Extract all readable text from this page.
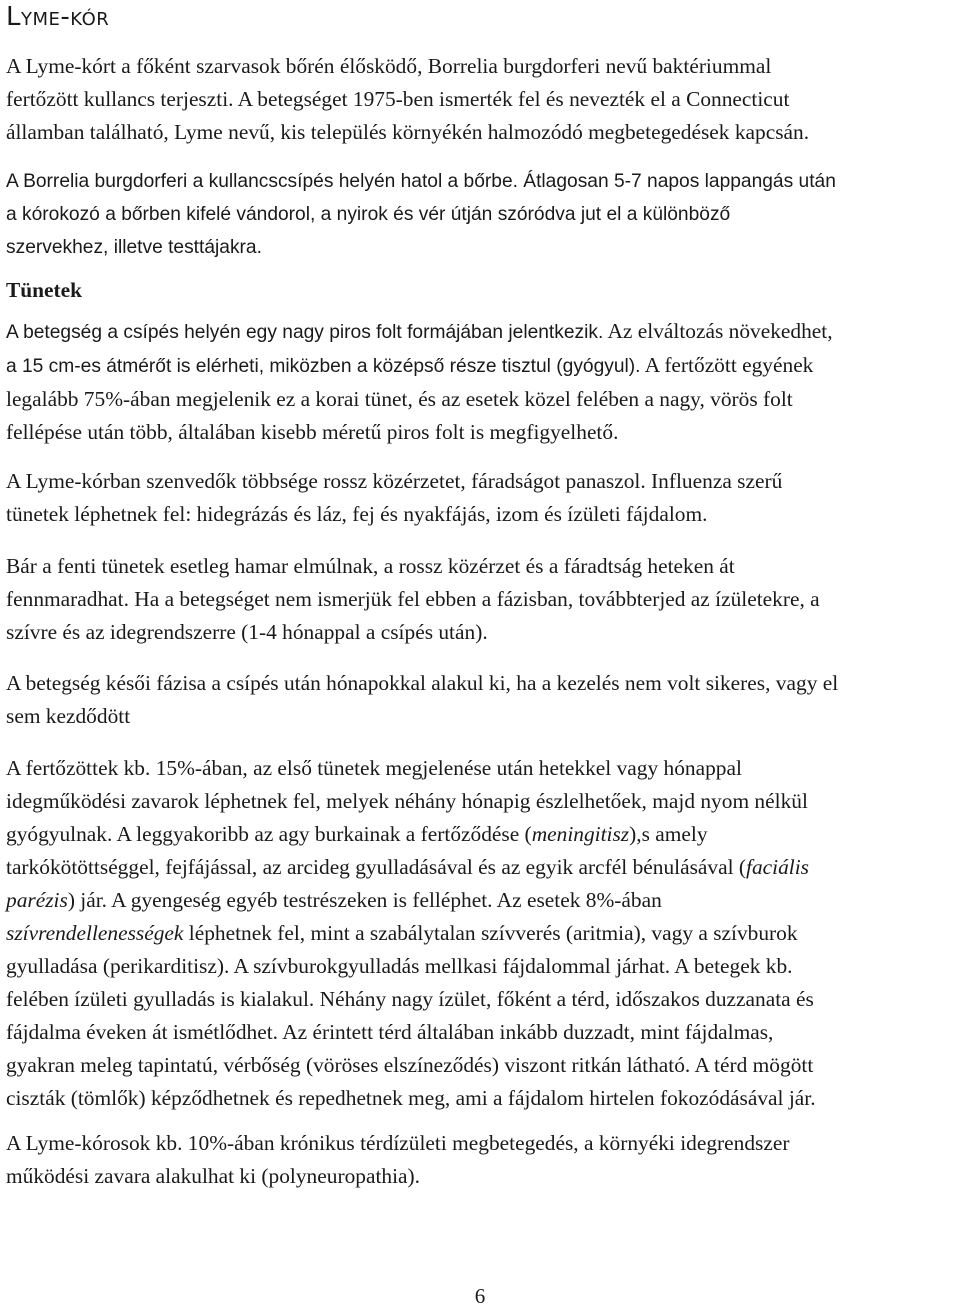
Lyme-kór

A Lyme-kórt a főként szarvasok bőrén élősködő, Borrelia burgdorferi nevű baktériummal
fertőzött kullancs terjeszti. A betegséget 1975-ben ismerték fel és nevezték el a Connecticut
államban található, Lyme nevű, kis település környékén halmozódó megbetegedések kapcsán.

A Borrelia burgdorferi a kullancscsípés helyén hatol a bőrbe. Átlagosan 5-7 napos lappangás után
a kórokozó a bőrben kifelé vándorol, a nyirok és vér útján szóródva jut el a különböző
szervekhez, illetve testtájakra.

Tünetek

A betegség a csípés helyén egy nagy piros folt formájában jelentkezik. Az elváltozás növekedhet,
a 15 cm-es átmérőt is elérheti, miközben a középső része tisztul (gyógyul). A fertőzött egyének
legalább 75%-ában megjelenik ez a korai tünet, és az esetek közel felében a nagy, vörös folt
fellépése után több, általában kisebb méretű piros folt is megfigyelhető.

A Lyme-kórban szenvedők többsége rossz közérzetet, fáradságot panaszol. Influenza szerű
tünetek léphetnek fel: hidegrázás és láz, fej és nyakfájás, izom és ízületi fájdalom.

Bár a fenti tünetek esetleg hamar elmúlnak, a rossz közérzet és a fáradtság heteken át
fennmaradhat. Ha a betegséget nem ismerjük fel ebben a fázisban, továbbterjed az ízületekre, a
szívre és az idegrendszerre (1-4 hónappal a csípés után).

A betegség késői fázisa a csípés után hónapokkal alakul ki, ha a kezelés nem volt sikeres, vagy el
sem kezdődött

A fertőzöttek kb. 15%-ában, az első tünetek megjelenése után hetekkel vagy hónappal
idegműködési zavarok léphetnek fel, melyek néhány hónapig észlelhetőek, majd nyom nélkül
gyógyulnak. A leggyakoribb az agy burkainak a fertőződése (meningitisz),s amely
tarkókötöttséggel, fejfájással, az arcideg gyulladásával és az egyik arcfél bénulásával (faciális
parézis) jár. A gyengeség egyéb testrészeken is felléphet. Az esetek 8%-ában
szívrendellenességek léphetnek fel, mint a szabálytalan szívverés (aritmia), vagy a szívburok
gyulladása (perikarditisz). A szívburokgyulladás mellkasi fájdalommal járhat. A betegek kb.
felében ízületi gyulladás is kialakul. Néhány nagy ízület, főként a térd, időszakos duzzanata és
fájdalma éveken át ismétlődhet. Az érintett térd általában inkább duzzadt, mint fájdalmas,
gyakran meleg tapintatú, vérbőség (vöröses elszíneződés) viszont ritkán látható. A térd mögött
ciszták (tömlők) képződhetnek és repedhetnek meg, ami a fájdalom hirtelen fokozódásával jár.

A Lyme-kórosok kb. 10%-ában krónikus térdízületi megbetegedés, a környéki idegrendszer
működési zavara alakulhat ki (polyneuropathia).

6
